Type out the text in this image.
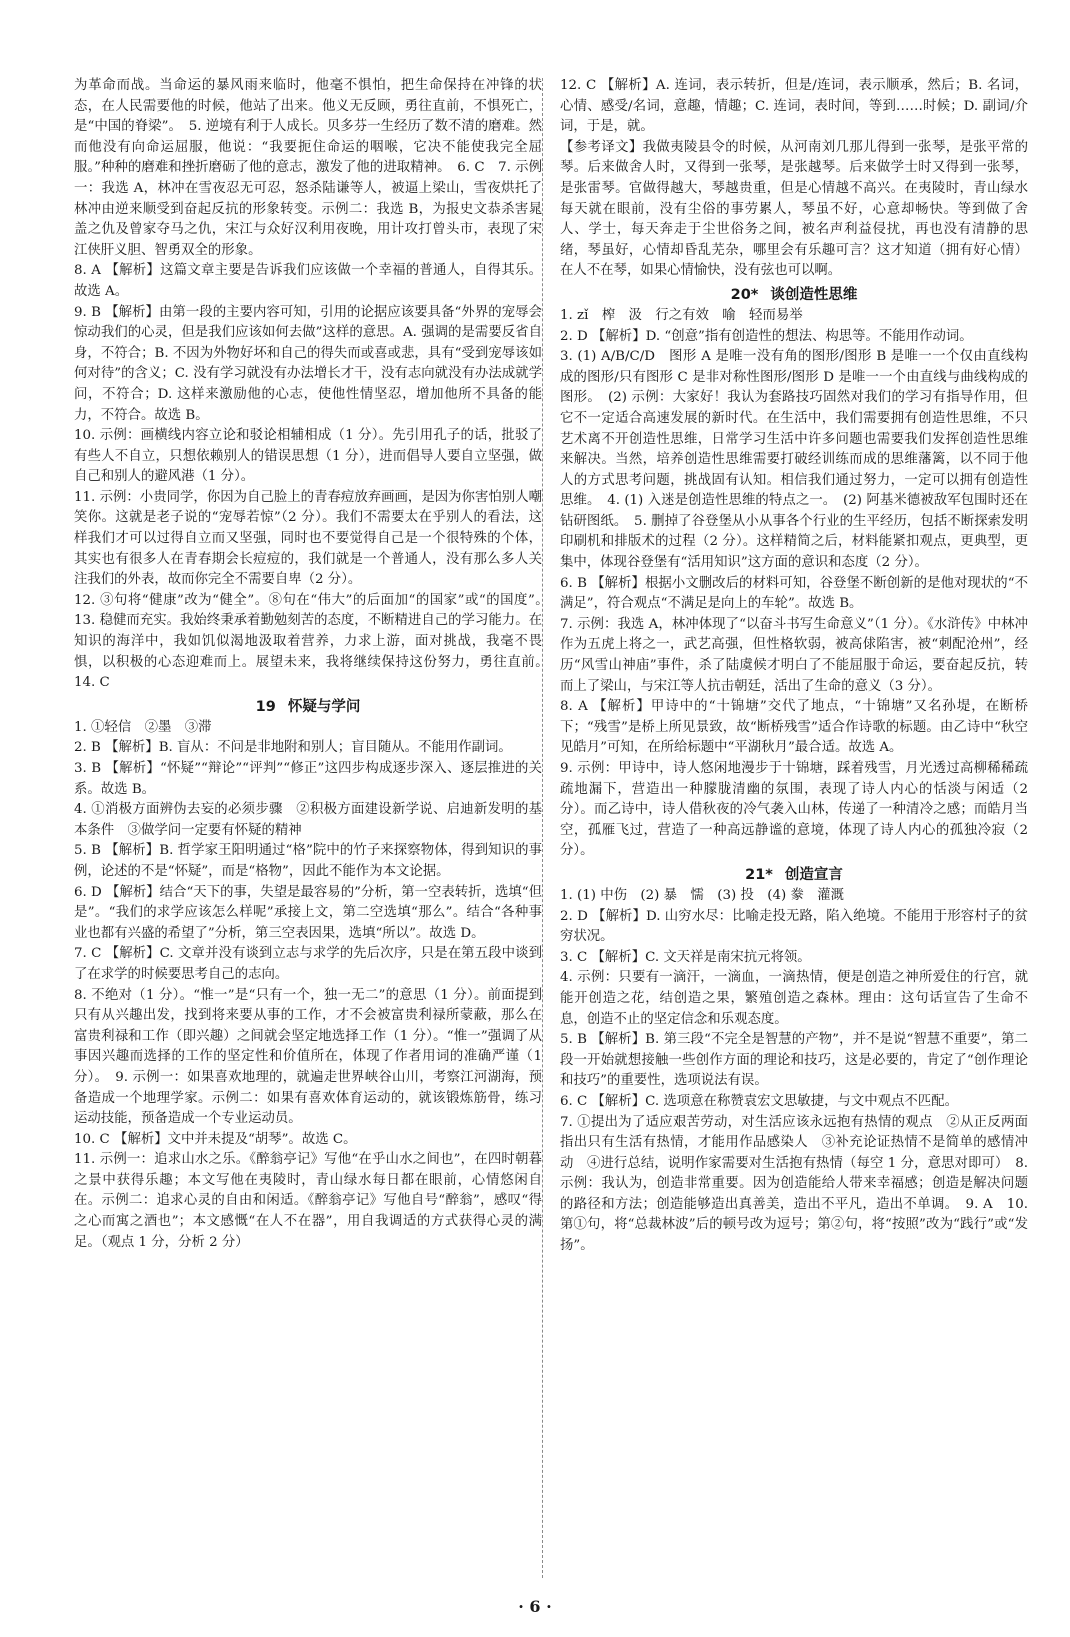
为革命而战。当命运的暴风雨来临时，他毫不惧怕，把生命保持在冲锋的状态，在人民需要他的时候，他站了出来。他义无反顾，勇往直前，不惧死亡，是“中国的脊梁”。　5. 逆境有利于人成长。贝多芬一生经历了数不清的磨难。然而他没有向命运屈服，他说：“我要扼住命运的咽喉，它决不能使我完全屈服。”种种的磨难和挫折磨砺了他的意志，激发了他的进取精神。　6. C　7. 示例一：我选 A，林冲在雪夜忍无可忍，怒杀陆谦等人，被逼上梁山，雪夜烘托了林冲由逆来顺受到奋起反抗的形象转变。示例二：我选 B，为报史文恭杀害晁盖之仇及曾家夺马之仇，宋江与众好汉利用夜晚，用计攻打曾头市，表现了宋江侠肝义胆、智勇双全的形象。

8. A 【解析】这篇文章主要是告诉我们应该做一个幸福的普通人，自得其乐。故选 A。

9. B 【解析】由第一段的主要内容可知，引用的论据应该要具备“外界的宠辱会惊动我们的心灵，但是我们应该如何去做”这样的意思。A. 强调的是需要反省自身，不符合；B. 不因为外物好坏和自己的得失而或喜或悲，具有“受到宠辱该如何对待”的含义；C. 没有学习就没有办法增长才干，没有志向就没有办法成就学问，不符合；D. 这样来激励他的心志，使他性情坚忍，增加他所不具备的能力，不符合。故选 B。

10. 示例：画横线内容立论和驳论相辅相成（1 分）。先引用孔子的话，批驳了有些人不自立，只想依赖别人的错误思想（1 分），进而倡导人要自立坚强，做自己和别人的避风港（1 分）。

11. 示例：小贵同学，你因为自己脸上的青春痘放弃画画，是因为你害怕别人嘲笑你。这就是老子说的“宠辱若惊”（2 分）。我们不需要太在乎别人的看法，这样我们才可以过得自立而又坚强，同时也不要觉得自己是一个很特殊的个体，其实也有很多人在青春期会长痘痘的，我们就是一个普通人，没有那么多人关注我们的外表，故而你完全不需要自卑（2 分）。

12. ③句将“健康”改为“健全”。⑧句在“伟大”的后面加“的国家”或“的国度”。　13. 稳健而充实。我始终秉承着勤勉刻苦的态度，不断精进自己的学习能力。在知识的海洋中，我如饥似渴地汲取着营养，力求上游，面对挑战，我毫不畏惧，以积极的心态迎难而上。展望未来，我将继续保持这份努力，勇往直前。　14. C

19 怀疑与学问

1. ①轻信　②墨　③滞

2. B 【解析】B. 盲从：不问是非地附和别人；盲目随从。不能用作副词。

3. B 【解析】“怀疑”“辩论”“评判”“修正”这四步构成逐步深入、逐层推进的关系。故选 B。

4. ①消极方面辨伪去妄的必须步骤　②积极方面建设新学说、启迪新发明的基本条件　③做学问一定要有怀疑的精神

5. B 【解析】B. 哲学家王阳明通过“格”院中的竹子来探察物体，得到知识的事例，论述的不是“怀疑”，而是“格物”，因此不能作为本文论据。

6. D 【解析】结合“天下的事，失望是最容易的”分析，第一空表转折，选填“但是”。“我们的求学应该怎么样呢”承接上文，第二空选填“那么”。结合“各种事业也都有兴盛的希望了”分析，第三空表因果，选填“所以”。故选 D。

7. C 【解析】C. 文章并没有谈到立志与求学的先后次序，只是在第五段中谈到了在求学的时候要思考自己的志向。

8. 不绝对（1 分）。“惟一”是“只有一个，独一无二”的意思（1 分）。前面提到只有从兴趣出发，找到将来要从事的工作，才不会被富贵利禄所蒙蔽，那么在富贵利禄和工作（即兴趣）之间就会坚定地选择工作（1 分）。“惟一”强调了从事因兴趣而选择的工作的坚定性和价值所在，体现了作者用词的准确严谨（1 分）。　9. 示例一：如果喜欢地理的，就遍走世界峡谷山川，考察江河湖海，预备造成一个地理学家。示例二：如果有喜欢体育运动的，就该锻炼筋骨，练习运动技能，预备造成一个专业运动员。

10. C 【解析】文中并未提及“胡琴”。故选 C。

11. 示例一：追求山水之乐。《醉翁亭记》写他“在乎山水之间也”，在四时朝暮之景中获得乐趣；本文写他在夷陵时，青山绿水每日都在眼前，心情悠闲自在。示例二：追求心灵的自由和闲适。《醉翁亭记》写他自号“醉翁”，感叹“得之心而寓之酒也”；本文感慨“在人不在器”，用自我调适的方式获得心灵的满足。（观点 1 分，分析 2 分）

12. C 【解析】A. 连词，表示转折，但是/连词，表示顺承，然后；B. 名词，心情、感受/名词，意趣，情趣；C. 连词，表时间，等到……时候；D. 副词/介词，于是，就。

【参考译文】我做夷陵县令的时候，从河南刘几那儿得到一张琴，是张平常的琴。后来做舍人时，又得到一张琴，是张越琴。后来做学士时又得到一张琴，是张雷琴。官做得越大，琴越贵重，但是心情越不高兴。在夷陵时，青山绿水每天就在眼前，没有尘俗的事劳累人，琴虽不好，心意却畅快。等到做了舍人、学士，每天奔走于尘世俗务之间，被名声利益侵扰，再也没有清静的思绪，琴虽好，心情却昏乱芜杂，哪里会有乐趣可言？这才知道（拥有好心情）在人不在琴，如果心情愉快，没有弦也可以啊。

20* 谈创造性思维

1. zǐ　榨　汲　行之有效　喻　轻而易举

2. D 【解析】D. “创意”指有创造性的想法、构思等。不能用作动词。

3. (1) A/B/C/D　图形 A 是唯一没有角的图形/图形 B 是唯一一个仅由直线构成的图形/只有图形 C 是非对称性图形/图形 D 是唯一一个由直线与曲线构成的图形。　(2) 示例：大家好！我认为套路技巧固然对我们的学习有指导作用，但它不一定适合高速发展的新时代。在生活中，我们需要拥有创造性思维，不只艺术离不开创造性思维，日常学习生活中许多问题也需要我们发挥创造性思维来解决。当然，培养创造性思维需要打破经训练而成的思维藩篱，以不同于他人的方式思考问题，挑战固有认知。相信我们通过努力，一定可以拥有创造性思维。　4. (1) 入迷是创造性思维的特点之一。　(2) 阿基米德被敌军包围时还在钻研图纸。　5. 删掉了谷登堡从小从事各个行业的生平经历，包括不断探索发明印刷机和排版术的过程（2 分）。这样精简之后，材料能紧扣观点，更典型，更集中，体现谷登堡有“活用知识”这方面的意识和态度（2 分）。

6. B 【解析】根据小文删改后的材料可知，谷登堡不断创新的是他对现状的“不满足”，符合观点“不满足是向上的车轮”。故选 B。

7. 示例：我选 A，林冲体现了“以奋斗书写生命意义”（1 分）。《水浒传》中林冲作为五虎上将之一，武艺高强，但性格软弱，被高俅陷害，被“刺配沧州”，经历“风雪山神庙”事件，杀了陆虞候才明白了不能屈服于命运，要奋起反抗，转而上了梁山，与宋江等人抗击朝廷，活出了生命的意义（3 分）。

8. A 【解析】甲诗中的“十锦塘”交代了地点，“十锦塘”又名孙堤，在断桥下；“残雪”是桥上所见景致，故“断桥残雪”适合作诗歌的标题。由乙诗中“秋空见皓月”可知，在所给标题中“平湖秋月”最合适。故选 A。

9. 示例：甲诗中，诗人悠闲地漫步于十锦塘，踩着残雪，月光透过高柳稀稀疏疏地漏下，营造出一种朦胧清幽的氛围，表现了诗人内心的恬淡与闲适（2 分）。而乙诗中，诗人借秋夜的冷气袭入山林，传递了一种清冷之感；而皓月当空，孤雁飞过，营造了一种高远静谧的意境，体现了诗人内心的孤独冷寂（2 分）。

21* 创造宣言

1. (1) 中伤　(2) 暴　懦　(3) 投　(4) 豢　灌溉

2. D 【解析】D. 山穷水尽：比喻走投无路，陷入绝境。不能用于形容村子的贫穷状况。

3. C 【解析】C. 文天祥是南宋抗元将领。

4. 示例：只要有一滴汗，一滴血，一滴热情，便是创造之神所爱住的行宫，就能开创造之花，结创造之果，繁殖创造之森林。理由：这句话宣告了生命不息，创造不止的坚定信念和乐观态度。

5. B 【解析】B. 第三段“不完全是智慧的产物”，并不是说“智慧不重要”，第二段一开始就想接触一些创作方面的理论和技巧，这是必要的，肯定了“创作理论和技巧”的重要性，选项说法有误。

6. C 【解析】C. 选项意在称赞袁宏文思敏捷，与文中观点不匹配。

7. ①提出为了适应艰苦劳动，对生活应该永远抱有热情的观点　②从正反两面指出只有生活有热情，才能用作品感染人　③补充论证热情不是简单的感情冲动　④进行总结，说明作家需要对生活抱有热情（每空 1 分，意思对即可）　8. 示例：我认为，创造非常重要。因为创造能给人带来幸福感；创造是解决问题的路径和方法；创造能够造出真善美，造出不平凡，造出不单调。　9. A　10. 第①句，将“总裁林波”后的顿号改为逗号；第②句，将“按照”改为“践行”或“发扬”。

· 6 ·
